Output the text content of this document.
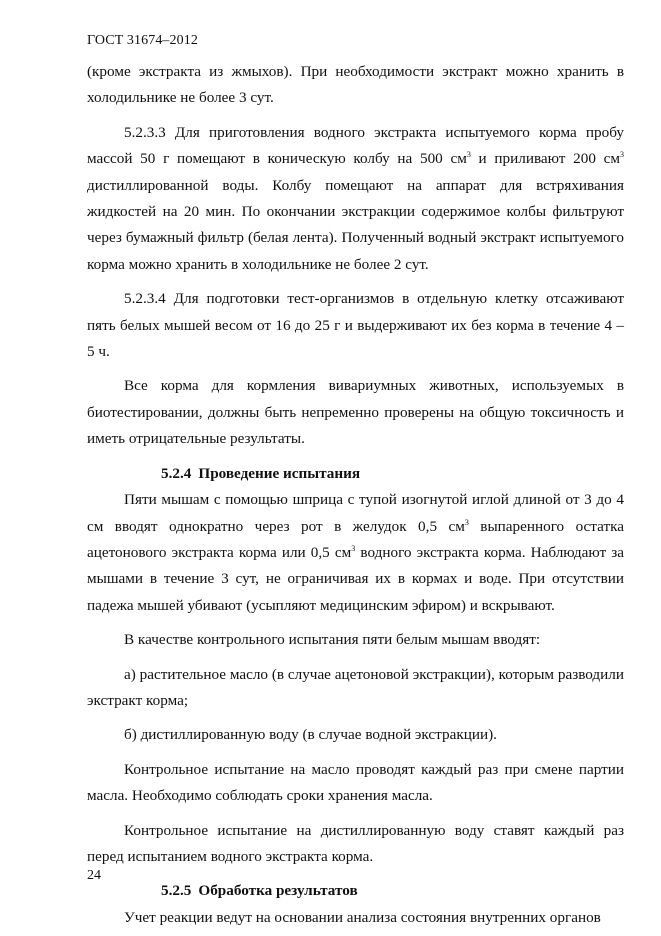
ГОСТ 31674–2012

(кроме экстракта из жмыхов). При необходимости экстракт можно хранить в холодильнике не более 3 сут.

5.2.3.3 Для приготовления водного экстракта испытуемого корма пробу массой 50 г помещают в коническую колбу на 500 $см^3$ и приливают 200 $см^3$ дистиллированной воды. Колбу помещают на аппарат для встряхивания жидкостей на 20 мин. По окончании экстракции содержимое колбы фильтруют через бумажный фильтр (белая лента). Полученный водный экстракт испытуемого корма можно хранить в холодильнике не более 2 сут.

5.2.3.4 Для подготовки тест-организмов в отдельную клетку отсаживают пять белых мышей весом от 16 до 25 г и выдерживают их без корма в течение 4 – 5 ч.

Все корма для кормления вивариумных животных, используемых в биотестировании, должны быть непременно проверены на общую токсичность и иметь отрицательные результаты.

5.2.4 Проведение испытания

Пяти мышам с помощью шприца с тупой изогнутой иглой длиной от 3 до 4 см вводят однократно через рот в желудок 0,5 $см^3$ выпаренного остатка ацетонового экстракта корма или 0,5 $см^3$ водного экстракта корма. Наблюдают за мышами в течение 3 сут, не ограничивая их в кормах и воде. При отсутствии падежа мышей убивают (усыпляют медицинским эфиром) и вскрывают.

В качестве контрольного испытания пяти белым мышам вводят:

а) растительное масло (в случае ацетоновой экстракции), которым разводили экстракт корма;

б) дистиллированную воду (в случае водной экстракции).

Контрольное испытание на масло проводят каждый раз при смене партии масла. Необходимо соблюдать сроки хранения масла.

Контрольное испытание на дистиллированную воду ставят каждый раз перед испытанием водного экстракта корма.

5.2.5 Обработка результатов

Учет реакции ведут на основании анализа состояния внутренних органов

24
